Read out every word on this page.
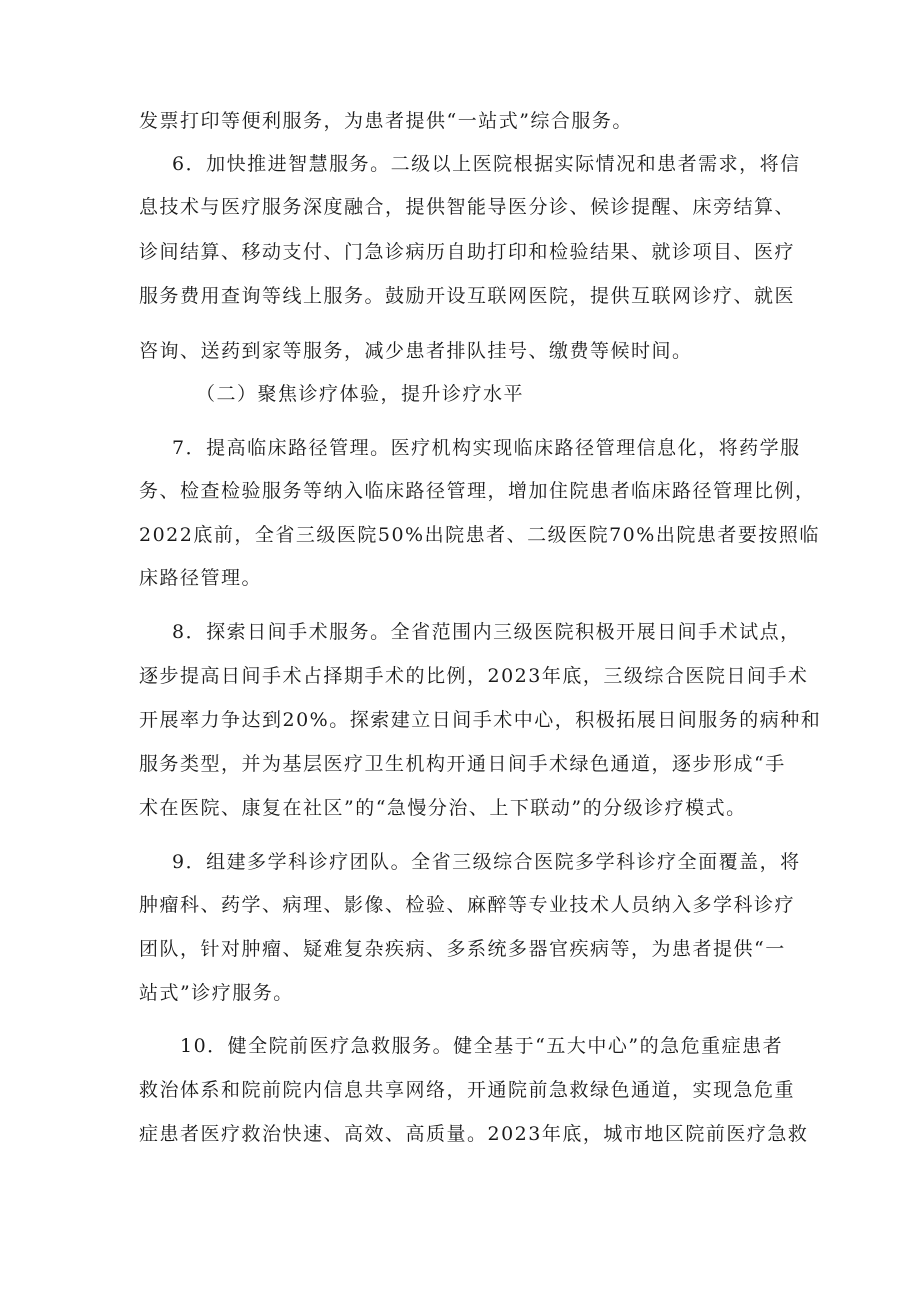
发票打印等便利服务，为患者提供“一站式”综合服务。
6．加快推进智慧服务。二级以上医院根据实际情况和患者需求，将信
息技术与医疗服务深度融合，提供智能导医分诊、候诊提醒、床旁结算、
诊间结算、移动支付、门急诊病历自助打印和检验结果、就诊项目、医疗
服务费用查询等线上服务。鼓励开设互联网医院，提供互联网诊疗、就医
咨询、送药到家等服务，减少患者排队挂号、缴费等候时间。
（二）聚焦诊疗体验，提升诊疗水平
7．提高临床路径管理。医疗机构实现临床路径管理信息化，将药学服
务、检查检验服务等纳入临床路径管理，增加住院患者临床路径管理比例，
2022底前，全省三级医院50%出院患者、二级医院70%出院患者要按照临
床路径管理。
8．探索日间手术服务。全省范围内三级医院积极开展日间手术试点，
逐步提高日间手术占择期手术的比例，2023年底，三级综合医院日间手术
开展率力争达到20%。探索建立日间手术中心，积极拓展日间服务的病种和
服务类型，并为基层医疗卫生机构开通日间手术绿色通道，逐步形成“手
术在医院、康复在社区”的“急慢分治、上下联动”的分级诊疗模式。
9．组建多学科诊疗团队。全省三级综合医院多学科诊疗全面覆盖，将
肿瘤科、药学、病理、影像、检验、麻醉等专业技术人员纳入多学科诊疗
团队，针对肿瘤、疑难复杂疾病、多系统多器官疾病等，为患者提供“一
站式”诊疗服务。
10．健全院前医疗急救服务。健全基于“五大中心”的急危重症患者
救治体系和院前院内信息共享网络，开通院前急救绿色通道，实现急危重
症患者医疗救治快速、高效、高质量。2023年底，城市地区院前医疗急救
